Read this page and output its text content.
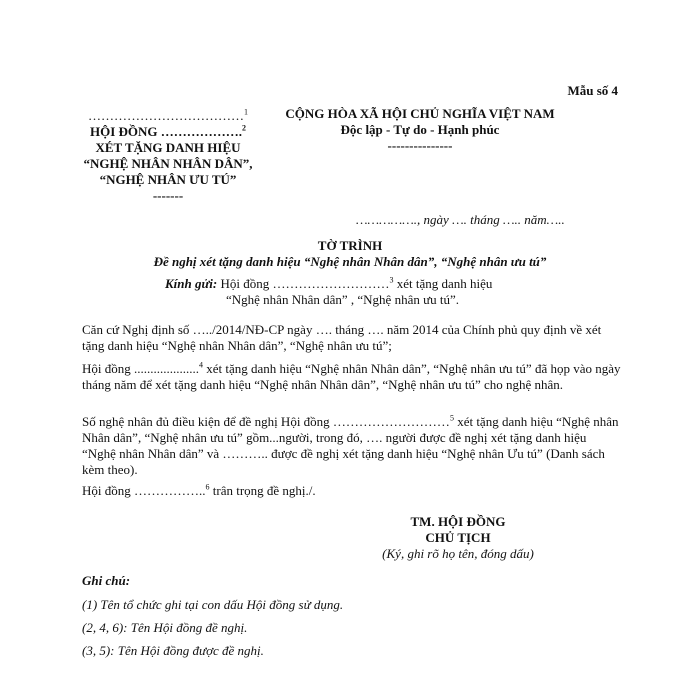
Mẫu số 4
………………………………$^1$
HỘI ĐỒNG ……………….$^2$
XÉT TẶNG DANH HIỆU
“NGHỆ NHÂN NHÂN DÂN”,
“NGHỆ NHÂN ƯU TÚ”
-------
CỘNG HÒA XÃ HỘI CHỦ NGHĨA VIỆT NAM
Độc lập - Tự do - Hạnh phúc
---------------
……………., ngày …. tháng ….. năm…..
TỜ TRÌNH
Đề nghị xét tặng danh hiệu “Nghệ nhân Nhân dân”, “Nghệ nhân ưu tú”
Kính gửi: Hội đồng ………………………$^3$ xét tặng danh hiệu
“Nghệ nhân Nhân dân” , “Nghệ nhân ưu tú”.
Căn cứ Nghị định số …../2014/NĐ-CP ngày …. tháng …. năm 2014 của Chính phủ quy định về xét tặng danh hiệu “Nghệ nhân Nhân dân”, “Nghệ nhân ưu tú”;
Hội đồng ....................$^4$ xét tặng danh hiệu “Nghệ nhân Nhân dân”, “Nghệ nhân ưu tú” đã họp vào ngày tháng năm để xét tặng danh hiệu “Nghệ nhân Nhân dân”, “Nghệ nhân ưu tú” cho nghệ nhân.
Số nghệ nhân đủ điều kiện để đề nghị Hội đồng ………………………$^5$ xét tặng danh hiệu “Nghệ nhân Nhân dân”, “Nghệ nhân ưu tú” gồm...người, trong đó, …. người được đề nghị xét tặng danh hiệu “Nghệ nhân Nhân dân” và ……….. được đề nghị xét tặng danh hiệu “Nghệ nhân Ưu tú” (Danh sách kèm theo).
Hội đồng ……………..$^6$ trân trọng đề nghị./.
TM. HỘI ĐỒNG
CHỦ TỊCH
(Ký, ghi rõ họ tên, đóng dấu)
Ghi chú:
(1) Tên tổ chức ghi tại con dấu Hội đồng sử dụng.
(2, 4, 6): Tên Hội đồng đề nghị.
(3, 5): Tên Hội đồng được đề nghị.
